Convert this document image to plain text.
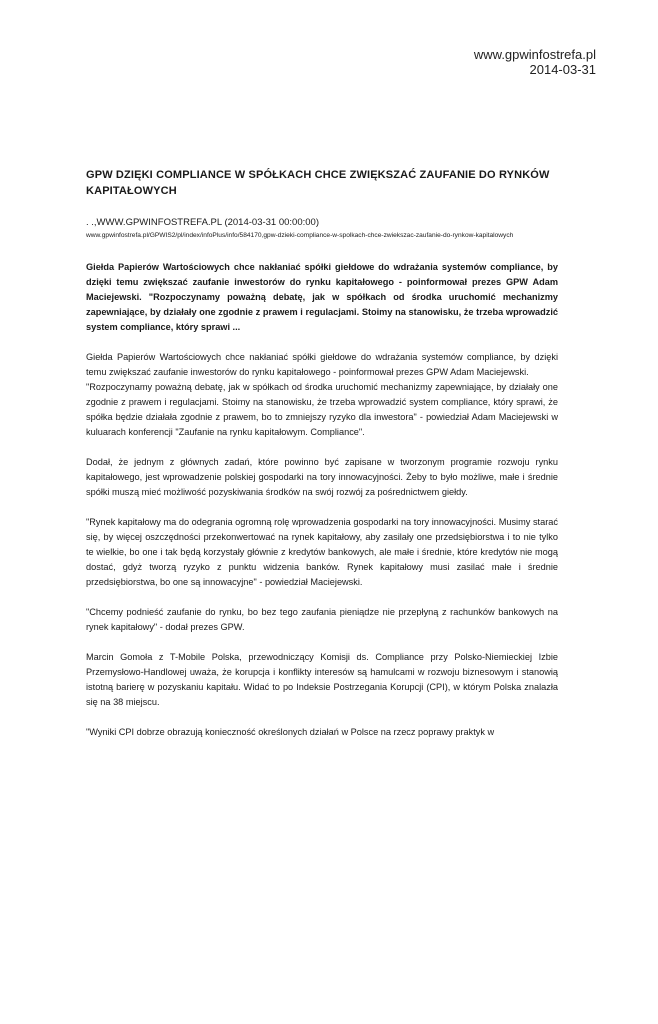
www.gpwinfostrefa.pl
2014-03-31
GPW DZIĘKI COMPLIANCE W SPÓŁKACH CHCE ZWIĘKSZAĆ ZAUFANIE DO RYNKÓW KAPITAŁOWYCH
. .,WWW.GPWINFOSTREFA.PL (2014-03-31 00:00:00)
www.gpwinfostrefa.pl/GPWIS2/pl/index/infoPlus/info/584170,gpw-dzieki-compliance-w-spolkach-chce-zwiekszac-zaufanie-do-rynkow-kapitalowych
Giełda Papierów Wartościowych chce nakłaniać spółki giełdowe do wdrażania systemów compliance, by dzięki temu zwiększać zaufanie inwestorów do rynku kapitałowego - poinformował prezes GPW Adam Maciejewski. "Rozpoczynamy poważną debatę, jak w spółkach od środka uruchomić mechanizmy zapewniające, by działały one zgodnie z prawem i regulacjami. Stoimy na stanowisku, że trzeba wprowadzić system compliance, który sprawi ...
Giełda Papierów Wartościowych chce nakłaniać spółki giełdowe do wdrażania systemów compliance, by dzięki temu zwiększać zaufanie inwestorów do rynku kapitałowego - poinformował prezes GPW Adam Maciejewski.
"Rozpoczynamy poważną debatę, jak w spółkach od środka uruchomić mechanizmy zapewniające, by działały one zgodnie z prawem i regulacjami. Stoimy na stanowisku, że trzeba wprowadzić system compliance, który sprawi, że spółka będzie działała zgodnie z prawem, bo to zmniejszy ryzyko dla inwestora" - powiedział Adam Maciejewski w kuluarach konferencji "Zaufanie na rynku kapitałowym. Compliance".
Dodał, że jednym z głównych zadań, które powinno być zapisane w tworzonym programie rozwoju rynku kapitałowego, jest wprowadzenie polskiej gospodarki na tory innowacyjności. Żeby to było możliwe, małe i średnie spółki muszą mieć możliwość pozyskiwania środków na swój rozwój za pośrednictwem giełdy.
"Rynek kapitałowy ma do odegrania ogromną rolę wprowadzenia gospodarki na tory innowacyjności. Musimy starać się, by więcej oszczędności przekonwertować na rynek kapitałowy, aby zasilały one przedsiębiorstwa i to nie tylko te wielkie, bo one i tak będą korzystały głównie z kredytów bankowych, ale małe i średnie, które kredytów nie mogą dostać, gdyż tworzą ryzyko z punktu widzenia banków. Rynek kapitałowy musi zasilać małe i średnie przedsiębiorstwa, bo one są innowacyjne" - powiedział Maciejewski.
"Chcemy podnieść zaufanie do rynku, bo bez tego zaufania pieniądze nie przepłyną z rachunków bankowych na rynek kapitałowy" - dodał prezes GPW.
Marcin Gomoła z T-Mobile Polska, przewodniczący Komisji ds. Compliance przy Polsko-Niemieckiej Izbie Przemysłowo-Handlowej uważa, że korupcja i konflikty interesów są hamulcami w rozwoju biznesowym i stanowią istotną barierę w pozyskaniu kapitału. Widać to po Indeksie Postrzegania Korupcji (CPI), w którym Polska znalazła się na 38 miejscu.
"Wyniki CPI dobrze obrazują konieczność określonych działań w Polsce na rzecz poprawy praktyk w
